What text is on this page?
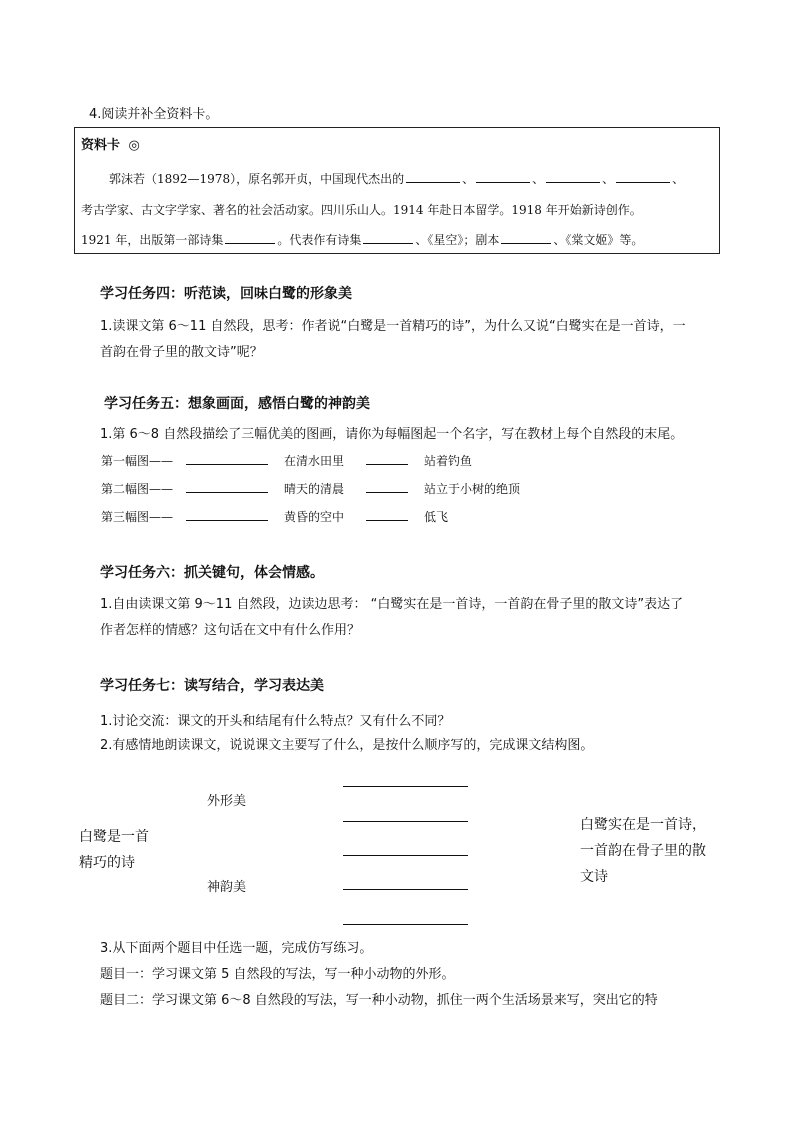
4.阅读并补全资料卡。
资料卡 ◎
郭沫若（1892—1978），原名郭开贞，中国现代杰出的	、	、	、	、
考古学家、古文字学家、著名的社会活动家。四川乐山人。1914 年赴日本留学。1918 年开始新诗创作。
1921 年，出版第一部诗集	。代表作有诗集	、《星空》；剧本	、《棠文姬》等。
学习任务四：听范读，回味白鹭的形象美
1.读课文第 6～11 自然段，思考：作者说“白鹭是一首精巧的诗”，为什么又说“白鹭实在是一首诗，一
首韵在骨子里的散文诗”呢？
学习任务五：想象画面，感悟白鹭的神韵美
1.第 6～8 自然段描绘了三幅优美的图画，请你为每幅图起一个名字，写在教材上每个自然段的末尾。
第一幅图——	在清水田里	站着钓鱼
第二幅图——	晴天的清晨	站立于小树的绝顶
第三幅图——	黄昏的空中	低飞
学习任务六：抓关键句，体会情感。
1.自由读课文第 9～11 自然段，边读边思考： “白鹭实在是一首诗，一首韵在骨子里的散文诗”表达了
作者怎样的情感？这句话在文中有什么作用？
学习任务七：读写结合，学习表达美
1.讨论交流：课文的开头和结尾有什么特点？又有什么不同？
2.有感情地朗读课文，说说课文主要写了什么，是按什么顺序写的，完成课文结构图。
外形美
神韵美
白鹭是一首
精巧的诗
白鹭实在是一首诗，
一首韵在骨子里的散
文诗
3.从下面两个题目中任选一题，完成仿写练习。
题目一：学习课文第 5 自然段的写法，写一种小动物的外形。
题目二：学习课文第 6～8 自然段的写法，写一种小动物，抓住一两个生活场景来写，突出它的特
